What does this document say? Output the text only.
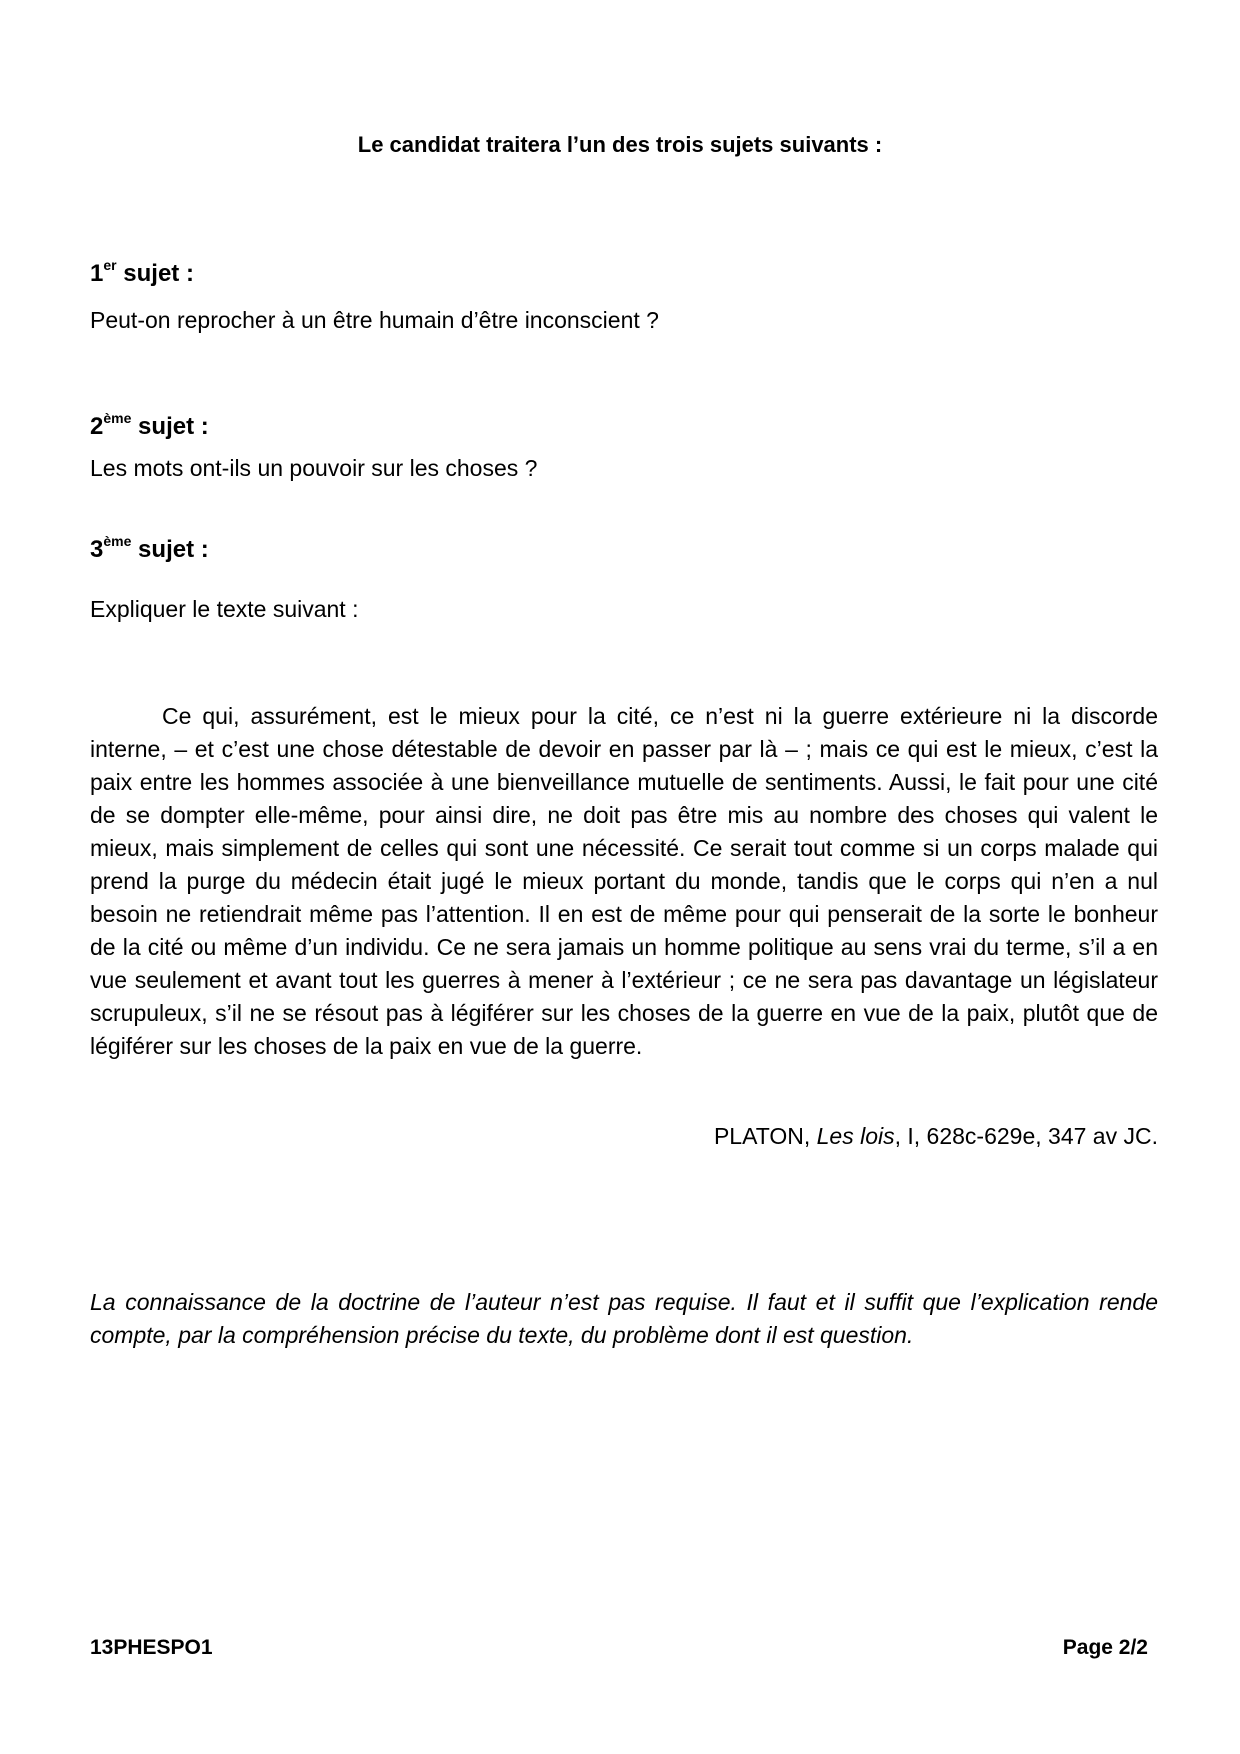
Le candidat traitera l’un des trois sujets suivants :
1er sujet :
Peut-on reprocher à un être humain d’être inconscient ?
2ème sujet :
Les mots ont-ils un pouvoir sur les choses ?
3ème sujet :
Expliquer le texte suivant :

Ce qui, assurément, est le mieux pour la cité, ce n’est ni la guerre extérieure ni la discorde interne, – et c’est une chose détestable de devoir en passer par là – ; mais ce qui est le mieux, c’est la paix entre les hommes associée à une bienveillance mutuelle de sentiments. Aussi, le fait pour une cité de se dompter elle-même, pour ainsi dire, ne doit pas être mis au nombre des choses qui valent le mieux, mais simplement de celles qui sont une nécessité. Ce serait tout comme si un corps malade qui prend la purge du médecin était jugé le mieux portant du monde, tandis que le corps qui n’en a nul besoin ne retiendrait même pas l’attention. Il en est de même pour qui penserait de la sorte le bonheur de la cité ou même d’un individu. Ce ne sera jamais un homme politique au sens vrai du terme, s’il a en vue seulement et avant tout les guerres à mener à l’extérieur ; ce ne sera pas davantage un législateur scrupuleux, s’il ne se résout pas à légiférer sur les choses de la guerre en vue de la paix, plutôt que de légiférer sur les choses de la paix en vue de la guerre.

PLATON, Les lois, I, 628c-629e, 347 av JC.

La connaissance de la doctrine de l’auteur n’est pas requise. Il faut et il suffit que l’explication rende compte, par la compréhension précise du texte, du problème dont il est question.

13PHESPO1	Page 2/2
